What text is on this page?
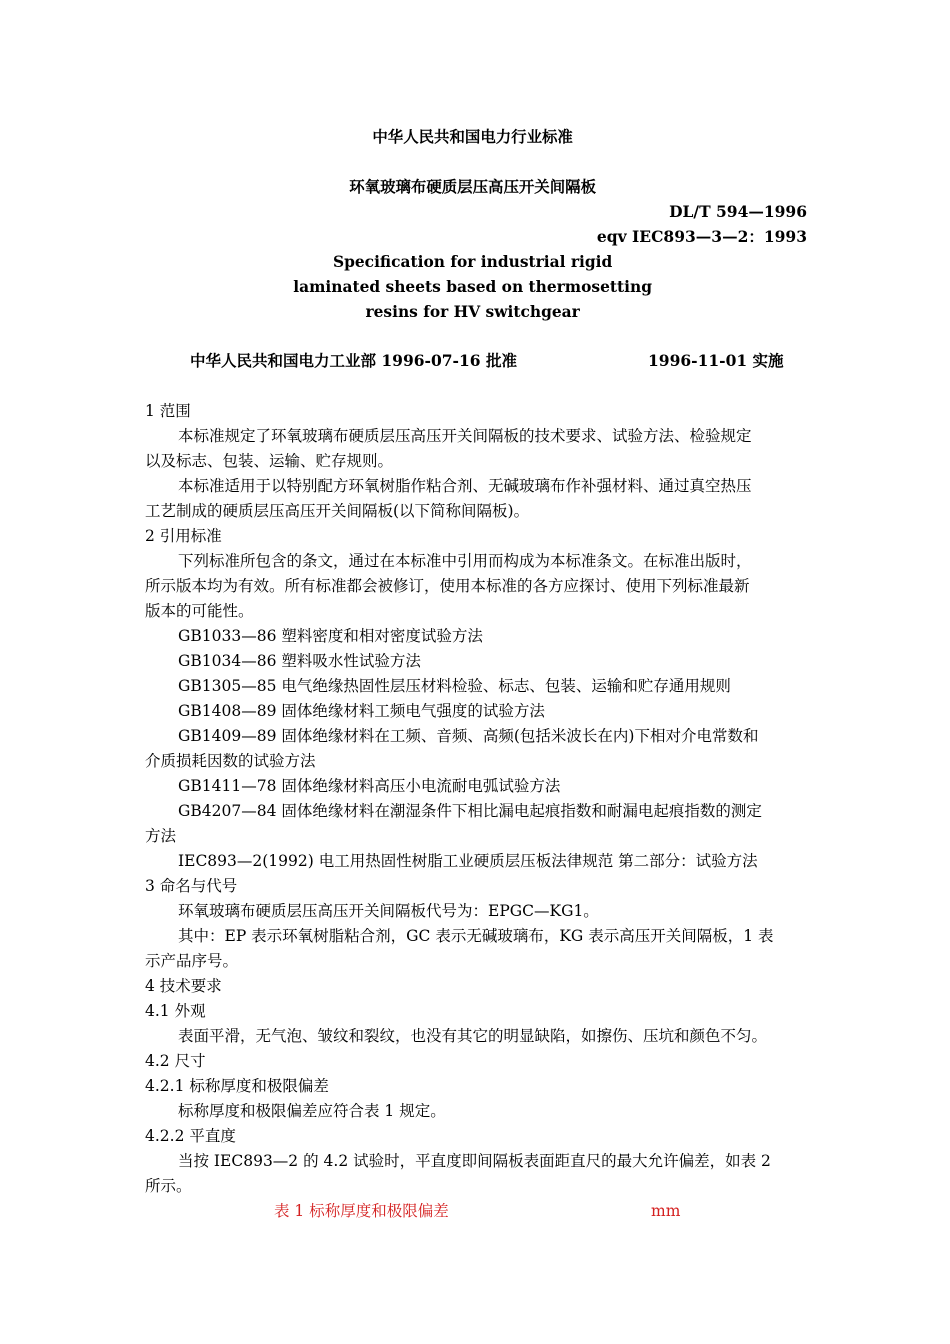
中华人民共和国电力行业标准
环氧玻璃布硬质层压高压开关间隔板
DL/T 594—1996
eqv IEC893—3—2：1993
Specification for industrial rigid
laminated sheets based on thermosetting
resins for HV switchgear
中华人民共和国电力工业部 1996-07-16 批准	1996-11-01 实施
1 范围
本标准规定了环氧玻璃布硬质层压高压开关间隔板的技术要求、试验方法、检验规定
以及标志、包装、运输、贮存规则。
本标准适用于以特别配方环氧树脂作粘合剂、无碱玻璃布作补强材料、通过真空热压
工艺制成的硬质层压高压开关间隔板(以下简称间隔板)。
2 引用标准
下列标准所包含的条文，通过在本标准中引用而构成为本标准条文。在标准出版时，
所示版本均为有效。所有标准都会被修订，使用本标准的各方应探讨、使用下列标准最新
版本的可能性。
GB1033—86 塑料密度和相对密度试验方法
GB1034—86 塑料吸水性试验方法
GB1305—85 电气绝缘热固性层压材料检验、标志、包装、运输和贮存通用规则
GB1408—89 固体绝缘材料工频电气强度的试验方法
GB1409—89 固体绝缘材料在工频、音频、高频(包括米波长在内)下相对介电常数和
介质损耗因数的试验方法
GB1411—78 固体绝缘材料高压小电流耐电弧试验方法
GB4207—84 固体绝缘材料在潮湿条件下相比漏电起痕指数和耐漏电起痕指数的测定
方法
IEC893—2(1992) 电工用热固性树脂工业硬质层压板法律规范 第二部分：试验方法
3 命名与代号
环氧玻璃布硬质层压高压开关间隔板代号为：EPGC—KG1。
其中：EP 表示环氧树脂粘合剂，GC 表示无碱玻璃布，KG 表示高压开关间隔板，1 表
示产品序号。
4 技术要求
4.1 外观
表面平滑，无气泡、皱纹和裂纹，也没有其它的明显缺陷，如擦伤、压坑和颜色不匀。
4.2 尺寸
4.2.1 标称厚度和极限偏差
标称厚度和极限偏差应符合表 1 规定。
4.2.2 平直度
当按 IEC893—2 的 4.2 试验时，平直度即间隔板表面距直尺的最大允许偏差，如表 2
所示。
表 1 标称厚度和极限偏差	mm
